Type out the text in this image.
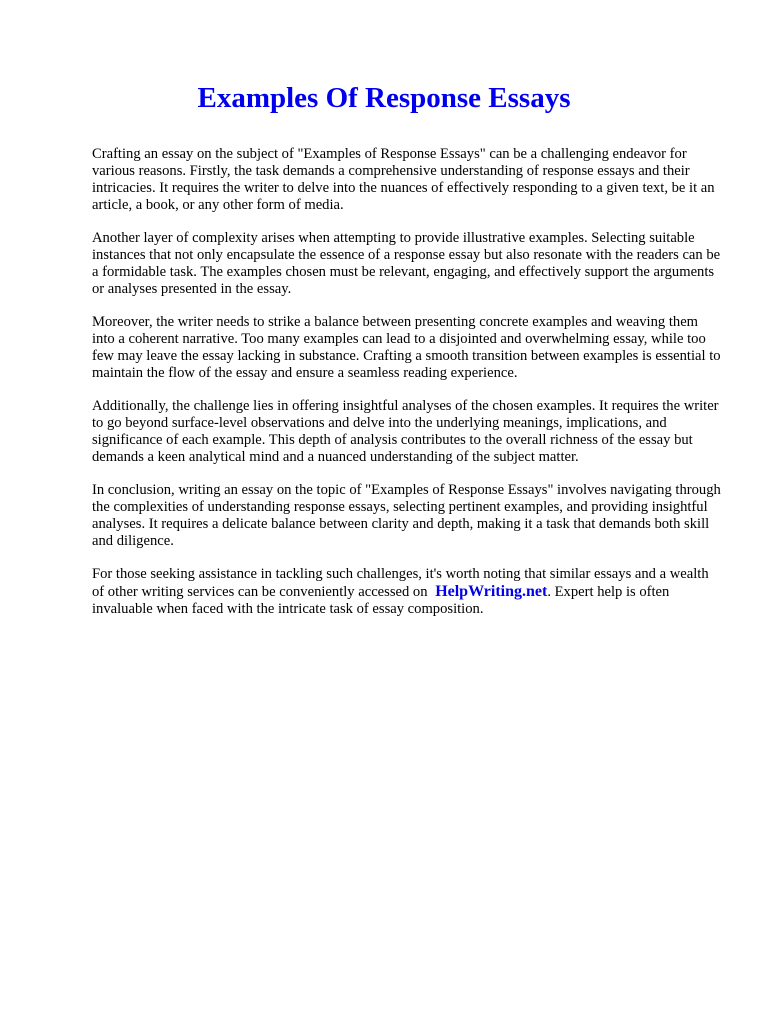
Examples Of Response Essays

Crafting an essay on the subject of "Examples of Response Essays" can be a challenging endeavor for various reasons. Firstly, the task demands a comprehensive understanding of response essays and their intricacies. It requires the writer to delve into the nuances of effectively responding to a given text, be it an article, a book, or any other form of media.

Another layer of complexity arises when attempting to provide illustrative examples. Selecting suitable instances that not only encapsulate the essence of a response essay but also resonate with the readers can be a formidable task. The examples chosen must be relevant, engaging, and effectively support the arguments or analyses presented in the essay.

Moreover, the writer needs to strike a balance between presenting concrete examples and weaving them into a coherent narrative. Too many examples can lead to a disjointed and overwhelming essay, while too few may leave the essay lacking in substance. Crafting a smooth transition between examples is essential to maintain the flow of the essay and ensure a seamless reading experience.

Additionally, the challenge lies in offering insightful analyses of the chosen examples. It requires the writer to go beyond surface-level observations and delve into the underlying meanings, implications, and significance of each example. This depth of analysis contributes to the overall richness of the essay but demands a keen analytical mind and a nuanced understanding of the subject matter.

In conclusion, writing an essay on the topic of "Examples of Response Essays" involves navigating through the complexities of understanding response essays, selecting pertinent examples, and providing insightful analyses. It requires a delicate balance between clarity and depth, making it a task that demands both skill and diligence.

For those seeking assistance in tackling such challenges, it's worth noting that similar essays and a wealth of other writing services can be conveniently accessed on HelpWriting.net. Expert help is often invaluable when faced with the intricate task of essay composition.
